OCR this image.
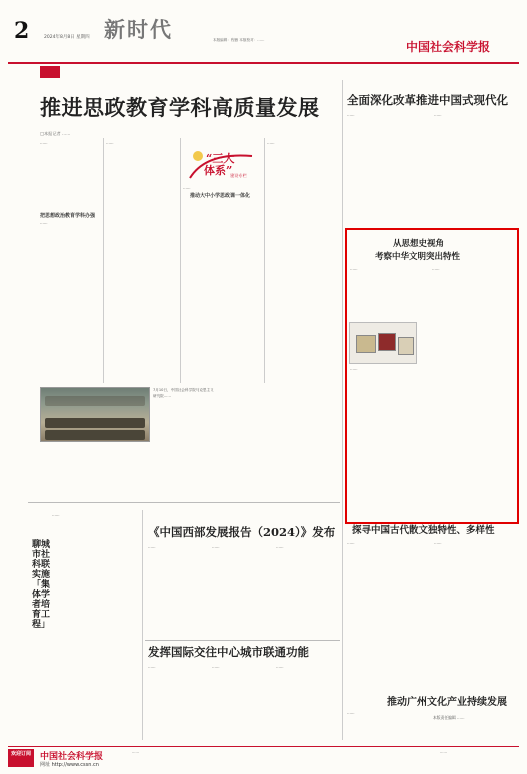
2	2024年8月8日 星期四 新时代	本版编辑：程薇 本版校对：……	中国社会科学报
推进思政教育学科高质量发展
□本报记者 ……
……
把思想政治教育学科办强
……
……
……
推动大中小学思政课一体化
……
“三大
体系”
建设专栏
7月10日，中国社会科学院马克思主义研究院……
全面深化改革推进中国式现代化
……	……
从思想史视角
考察中华文明突出特性
……
……
……
探寻中国古代散文独特性、多样性
……	……
推动广州文化产业持续发展
……
本版责任编辑 ……
聊城市社科联实施「集体学者培育工程」
……
《中国西部发展报告（2024）》发布
……	……	……
发挥国际交往中心城市联通功能
……	……	……
欢迎订阅	中国社会科学报
网址 http://www.cssn.cn
……	……
